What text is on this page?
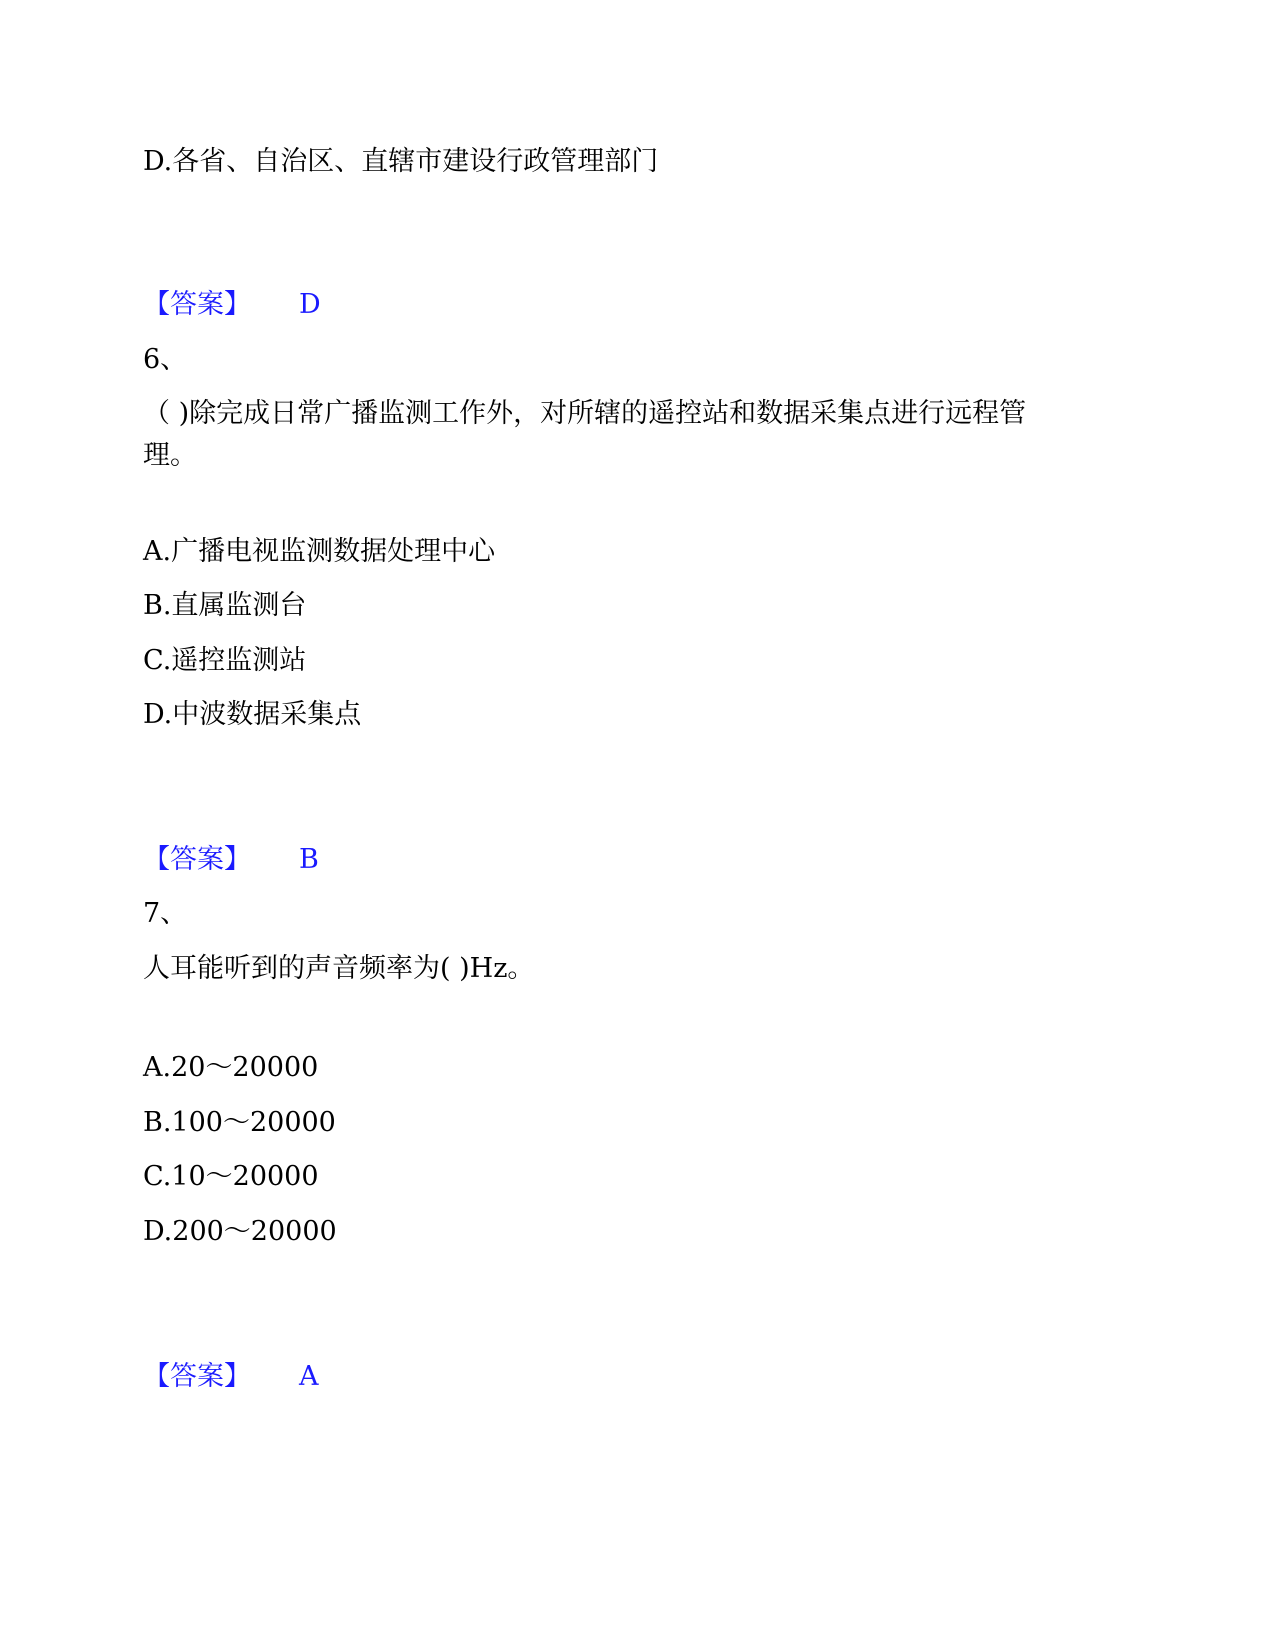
D.各省、自治区、直辖市建设行政管理部门
【答案】 D
6、
（ )除完成日常广播监测工作外，对所辖的遥控站和数据采集点进行远程管理。
A.广播电视监测数据处理中心
B.直属监测台
C.遥控监测站
D.中波数据采集点
【答案】 B
7、
人耳能听到的声音频率为( )Hz。
A.20～20000
B.100～20000
C.10～20000
D.200～20000
【答案】 A
